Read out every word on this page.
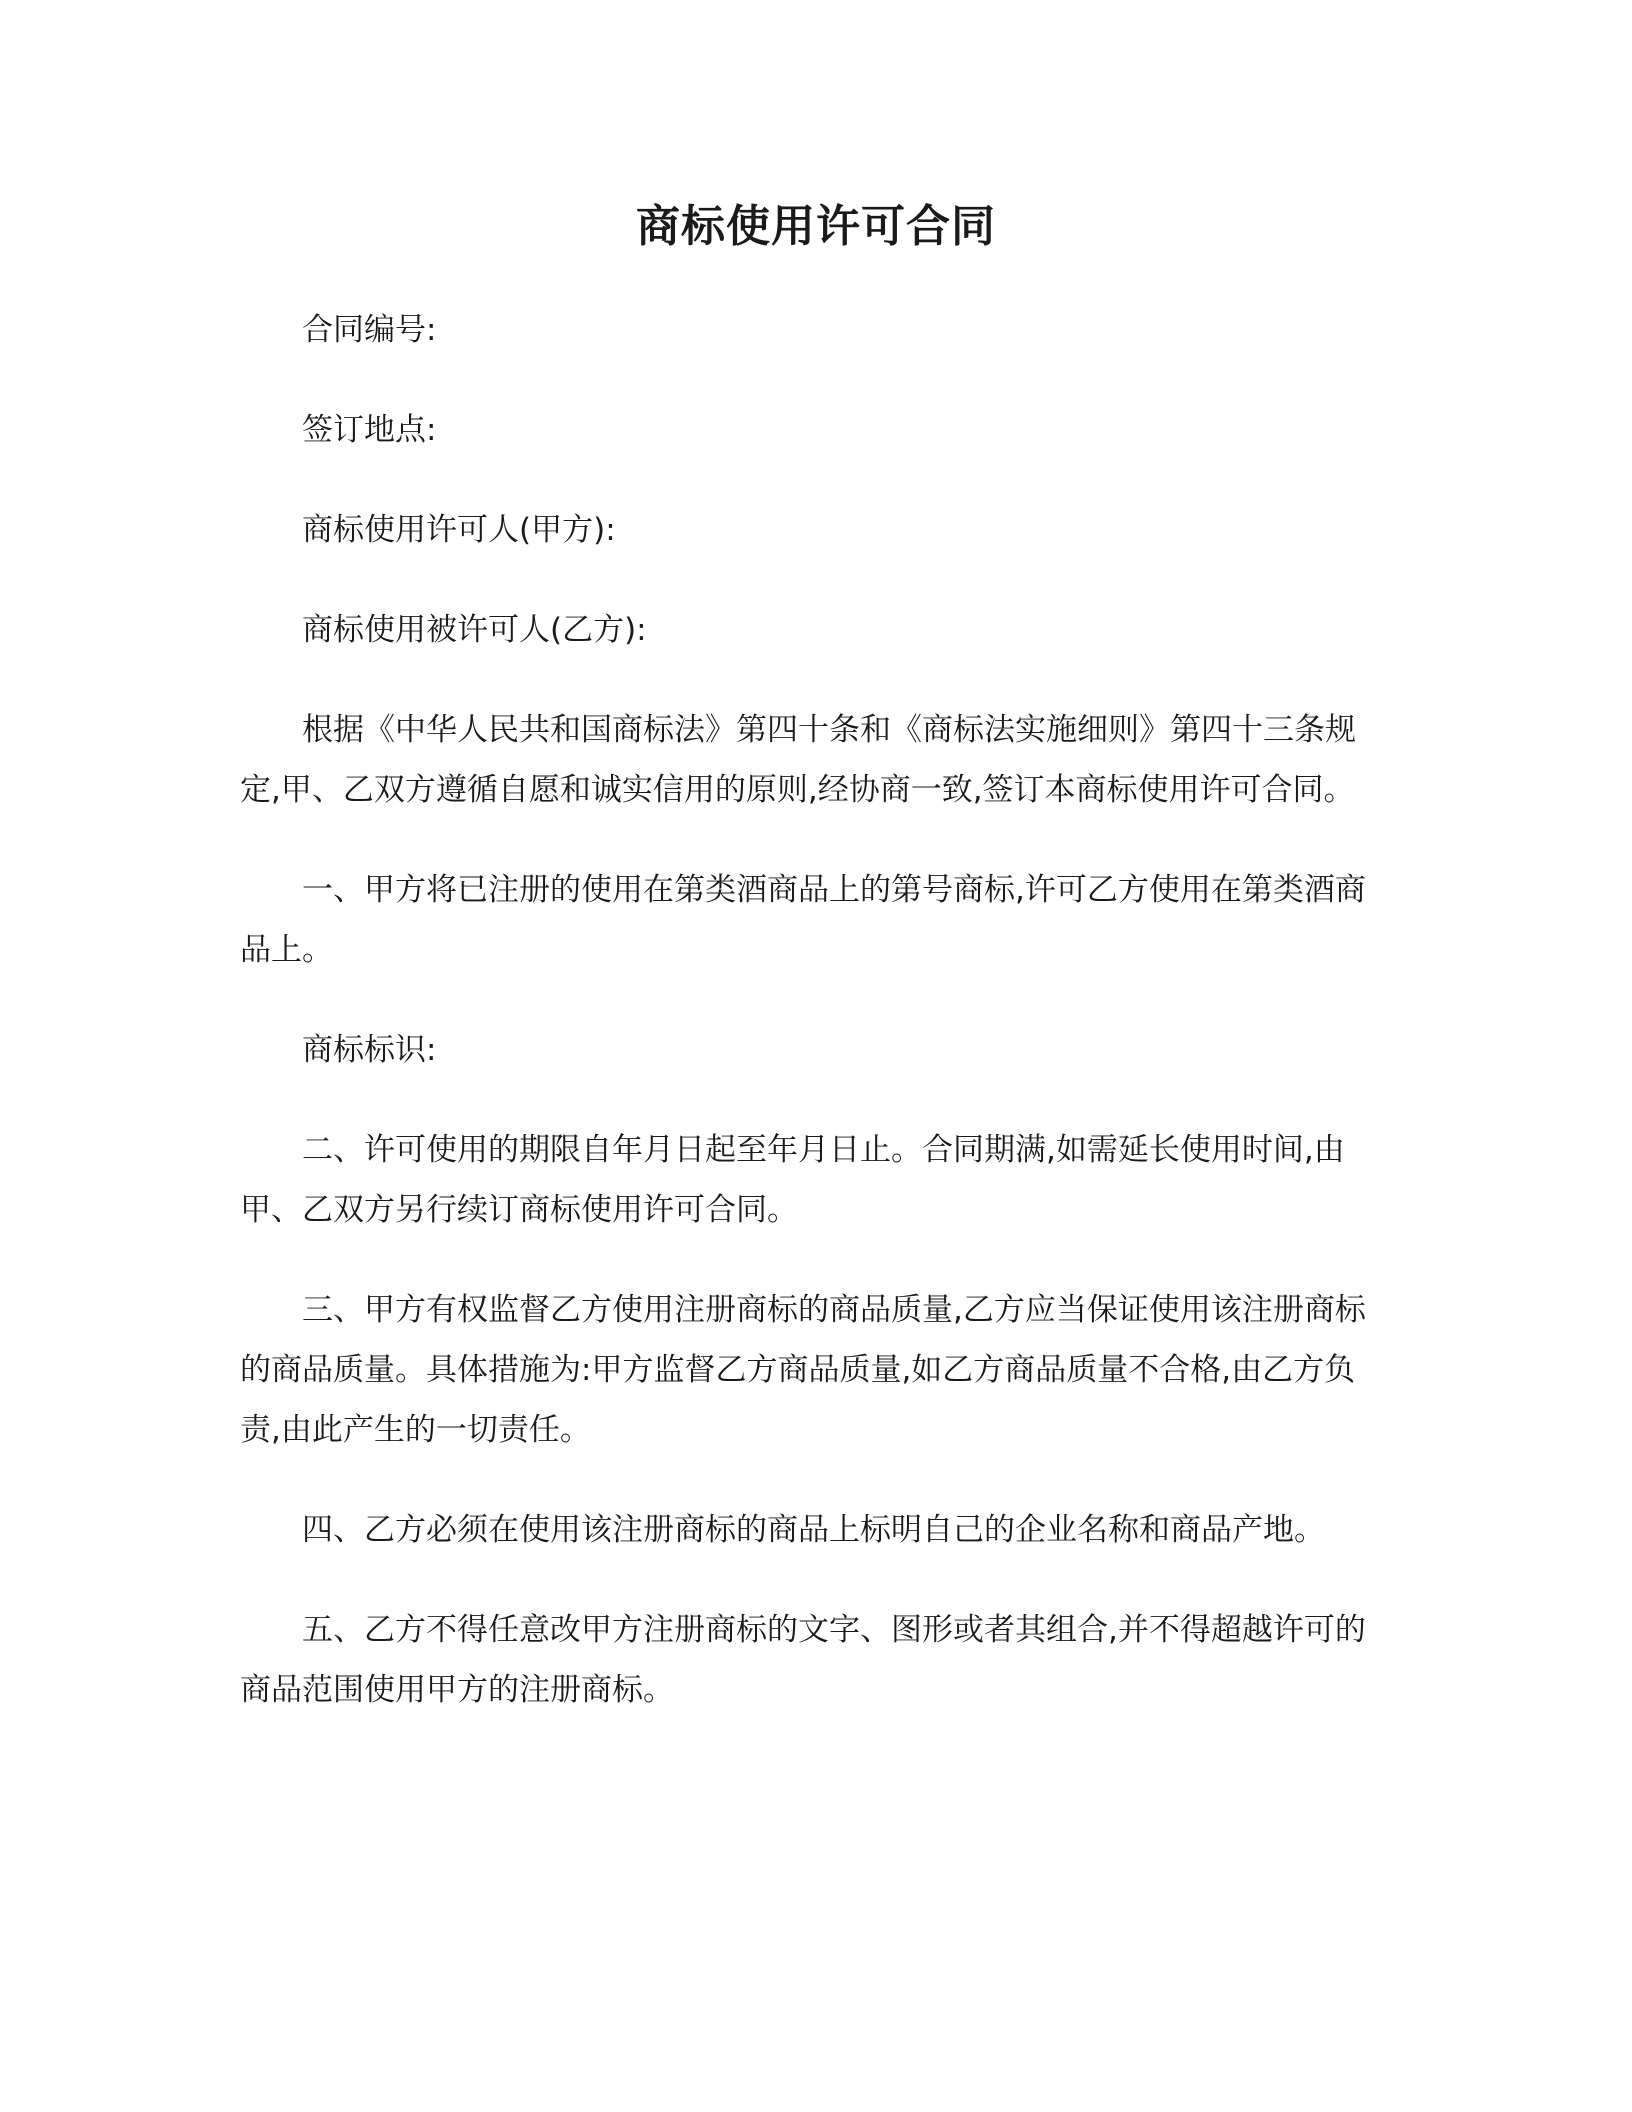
商标使用许可合同

合同编号:

签订地点:

商标使用许可人(甲方):

商标使用被许可人(乙方):

根据《中华人民共和国商标法》第四十条和《商标法实施细则》第四十三条规定,甲、乙双方遵循自愿和诚实信用的原则,经协商一致,签订本商标使用许可合同。

一、甲方将已注册的使用在第类酒商品上的第号商标,许可乙方使用在第类酒商品上。

商标标识:

二、许可使用的期限自年月日起至年月日止。合同期满,如需延长使用时间,由甲、乙双方另行续订商标使用许可合同。

三、甲方有权监督乙方使用注册商标的商品质量,乙方应当保证使用该注册商标的商品质量。具体措施为:甲方监督乙方商品质量,如乙方商品质量不合格,由乙方负责,由此产生的一切责任。

四、乙方必须在使用该注册商标的商品上标明自己的企业名称和商品产地。

五、乙方不得任意改甲方注册商标的文字、图形或者其组合,并不得超越许可的商品范围使用甲方的注册商标。
